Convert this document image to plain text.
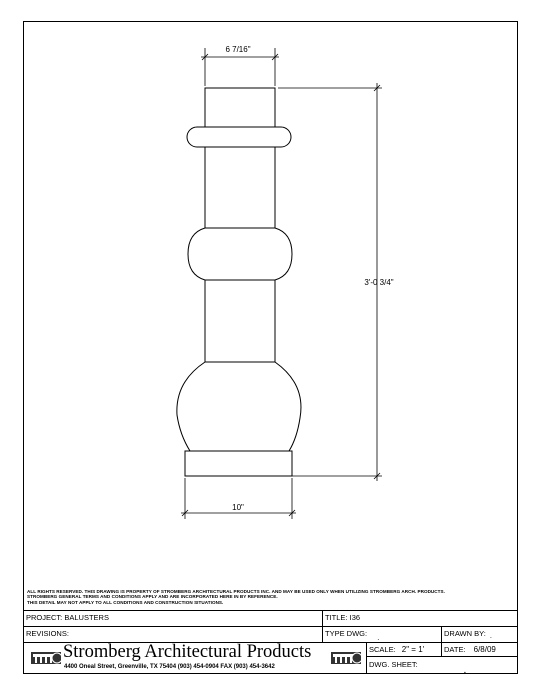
6 7/16"
3'-0 3/4"
10"
ALL RIGHTS RESERVED. THIS DRAWING IS PROPERTY OF STROMBERG ARCHITECTURAL PRODUCTS INC. AND MAY BE USED ONLY WHEN UTILIZING STROMBERG ARCH. PRODUCTS.
STROMBERG GENERAL TERMS AND CONDITIONS APPLY AND ARE INCORPORATED HERE IN BY REFERENCE.
THIS DETAIL MAY NOT APPLY TO ALL CONDITIONS AND CONSTRUCTION SITUATIONS.
PROJECT: BALUSTERS	TITLE: I36
REVISIONS:	TYPE DWG: .	DRAWN BY: .
SCALE: 2" = 1'	DATE: 6/8/09
DWG. SHEET: .
Stromberg Architectural Products
4400 Oneal Street, Greenville, TX 75404 (903) 454-0904 FAX (903) 454-3642
